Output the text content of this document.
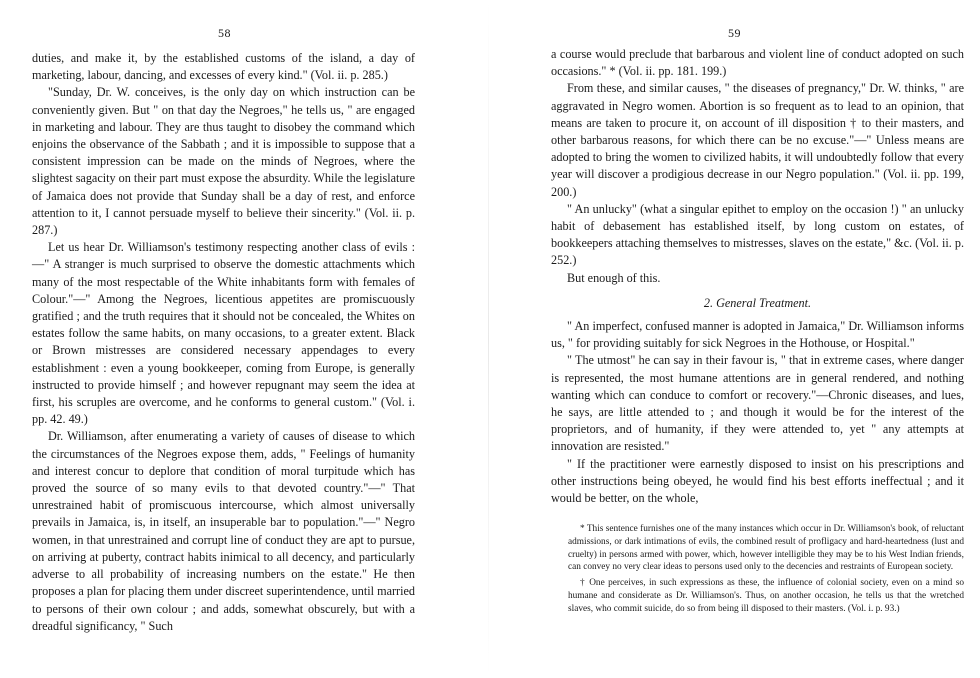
58

duties, and make it, by the established customs of the island, a day of marketing, labour, dancing, and excesses of every kind." (Vol. ii. p. 285.)

"Sunday, Dr. W. conceives, is the only day on which instruction can be conveniently given. But " on that day the Negroes," he tells us, " are engaged in marketing and labour. They are thus taught to disobey the command which enjoins the observance of the Sabbath ; and it is impossible to suppose that a consistent impression can be made on the minds of Negroes, where the slightest sagacity on their part must expose the absurdity. While the legislature of Jamaica does not provide that Sunday shall be a day of rest, and enforce attention to it, I cannot persuade myself to believe their sincerity." (Vol. ii. p. 287.)

Let us hear Dr. Williamson's testimony respecting another class of evils :—" A stranger is much surprised to observe the domestic attachments which many of the most respectable of the White inhabitants form with females of Colour."—" Among the Negroes, licentious appetites are promiscuously gratified ; and the truth requires that it should not be concealed, the Whites on estates follow the same habits, on many occasions, to a greater extent. Black or Brown mistresses are considered necessary appendages to every establishment : even a young bookkeeper, coming from Europe, is generally instructed to provide himself ; and however repugnant may seem the idea at first, his scruples are overcome, and he conforms to general custom." (Vol. i. pp. 42. 49.)

Dr. Williamson, after enumerating a variety of causes of disease to which the circumstances of the Negroes expose them, adds, " Feelings of humanity and interest concur to deplore that condition of moral turpitude which has proved the source of so many evils to that devoted country."—" That unrestrained habit of promiscuous intercourse, which almost universally prevails in Jamaica, is, in itself, an insuperable bar to population."—" Negro women, in that unrestrained and corrupt line of conduct they are apt to pursue, on arriving at puberty, contract habits inimical to all decency, and particularly adverse to all probability of increasing numbers on the estate." He then proposes a plan for placing them under discreet superintendence, until married to persons of their own colour ; and adds, somewhat obscurely, but with a dreadful significancy, " Such

59

a course would preclude that barbarous and violent line of conduct adopted on such occasions." * (Vol. ii. pp. 181. 199.)

From these, and similar causes, " the diseases of pregnancy," Dr. W. thinks, " are aggravated in Negro women. Abortion is so frequent as to lead to an opinion, that means are taken to procure it, on account of ill disposition † to their masters, and other barbarous reasons, for which there can be no excuse."—" Unless means are adopted to bring the women to civilized habits, it will undoubtedly follow that every year will discover a prodigious decrease in our Negro population." (Vol. ii. pp. 199, 200.)

" An unlucky" (what a singular epithet to employ on the occasion !) " an unlucky habit of debasement has established itself, by long custom on estates, of bookkeepers attaching themselves to mistresses, slaves on the estate," &c. (Vol. ii. p. 252.)

But enough of this.

2. General Treatment.

" An imperfect, confused manner is adopted in Jamaica," Dr. Williamson informs us, " for providing suitably for sick Negroes in the Hothouse, or Hospital."

" The utmost" he can say in their favour is, " that in extreme cases, where danger is represented, the most humane attentions are in general rendered, and nothing wanting which can conduce to comfort or recovery."—Chronic diseases, and lues, he says, are little attended to ; and though it would be for the interest of the proprietors, and of humanity, if they were attended to, yet " any attempts at innovation are resisted."

" If the practitioner were earnestly disposed to insist on his prescriptions and other instructions being obeyed, he would find his best efforts ineffectual ; and it would be better, on the whole,

* This sentence furnishes one of the many instances which occur in Dr. Williamson's book, of reluctant admissions, or dark intimations of evils, the combined result of profligacy and hard-heartedness (lust and cruelty) in persons armed with power, which, however intelligible they may be to his West Indian friends, can convey no very clear ideas to persons used only to the decencies and restraints of European society.

† One perceives, in such expressions as these, the influence of colonial society, even on a mind so humane and considerate as Dr. Williamson's. Thus, on another occasion, he tells us that the wretched slaves, who commit suicide, do so from being ill disposed to their masters. (Vol. i. p. 93.)
